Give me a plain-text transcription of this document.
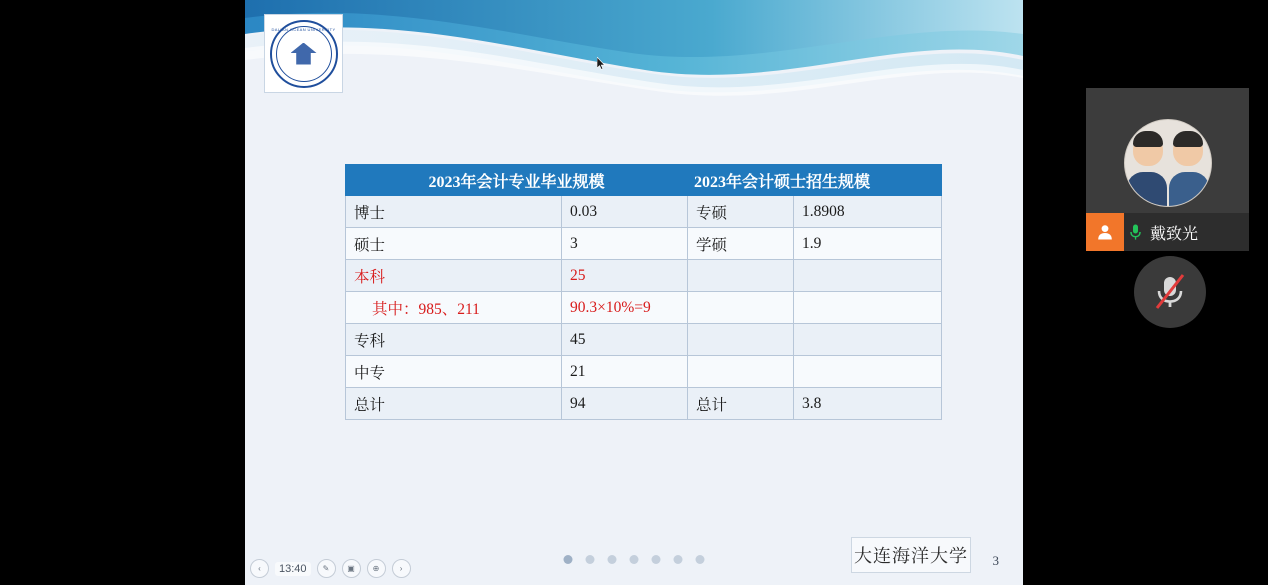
DALIAN OCEAN UNIVERSITY
2023年会计专业毕业规模		2023年会计硕士招生规模	
博士	0.03	专硕	1.8908
硕士	3	学硕	1.9
本科	25		
其中：985、211	90.3×10%=9		
专科	45		
中专	21		
总计	94	总计	3.8
‹	13:40	✎	▣	⊕	›
大连海洋大学 3
戴致光
